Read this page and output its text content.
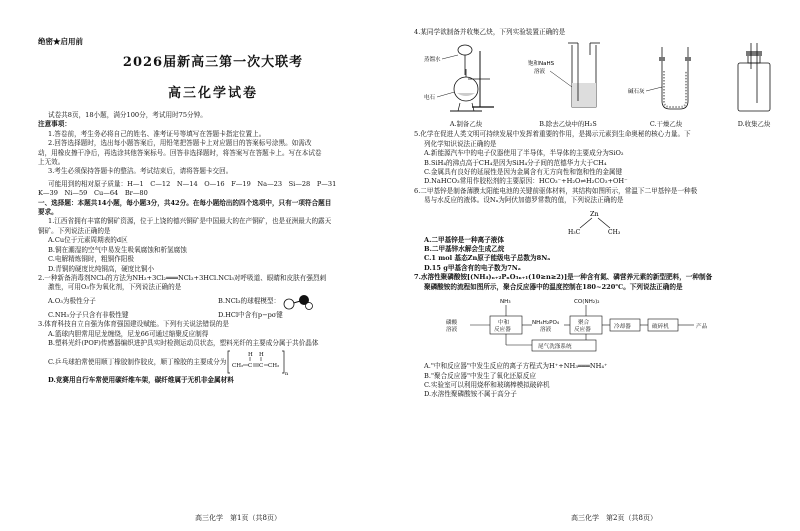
绝密★启用前
2026届新高三第一次大联考
高三化学试卷
试卷共8页，18小题，满分100分，考试用时75分钟。
注意事项：
1.答卷前，考生务必将自己的姓名、准考证号等填写在答题卡指定位置上。
2.回答选择题时，选出每小题答案后，用铅笔把答题卡上对应题目的答案标号涂黑。如需改
动，用橡皮擦干净后，再选涂其他答案标号。回答非选择题时，将答案写在答题卡上。写在本试卷
上无效。
3.考生必须保持答题卡的整洁。考试结束后，请将答题卡交回。
可能用到的相对原子质量：H—1　C—12　N—14　O—16　F—19　Na—23　Si—28　P—31
K—39　Ni—59　Cu—64　Br—80
一、选择题：本题共14小题，每小题3分，共42分。在每小题给出的四个选项中，只有一项符合题目
要求。
1.江西省拥有丰富的铜矿资源，位于上饶的德兴铜矿是中国最大的在产铜矿，也是亚洲最大的露天
铜矿。下列说法正确的是
A.Cu位于元素周期表的d区
B.铜在潮湿的空气中易发生吸氧腐蚀和析氢腐蚀
C.电解精炼铜时，粗铜作阳极
D.青铜的硬度比纯铜高，硬度比铜小
2.一种新备消毒剂NCl₃的方法为NH₃+3Cl₂═══NCl₃+3HCl.NCl₃对呼吸道、眼睛和皮肤有强烈刺
激性，可用O₃作为氧化剂，下列说法正确的是
A.O₃为极性分子	B.NCl₃的球棍模型：
C.NH₃分子只含有非极性键	D.HCl中含有p−pσ键
3.体育科技自立自强为体育强国建设赋能。下列有关说法错误的是
A.篮球内胆常用尼龙缠绕，尼龙66可通过缩聚反应制得
B.塑料光纤(POF)传感器编织进护具实时检测运动员状态，塑料光纤的主要成分属于共价晶体
C.乒乓球拍常使用顺丁橡胶制作胶皮，顺丁橡胶的主要成分为
CH₂ C C
H H
CH₂
n
D.竞赛用自行车常使用碳纤维车架，碳纤维属于无机非金属材料
高三化学　第1页（共8页）
4.某同学欲制备并收集乙炔，下列实验装置正确的是
蒸馏水
电石
A.制备乙炔
饱和NaHS
溶液
B.除去乙炔中的H₂S
碱石灰
C.干燥乙炔	D.收集乙炔
5.化学在促进人类文明可持续发展中发挥着重要的作用，是揭示元素到生命奥秘的核心力量。下
列化学知识说法正确的是
A.新能源汽车中的电子仪器使用了半导体，半导体的主要成分为SiO₂
B.SiH₄的沸点高于CH₄是因为SiH₄分子间的范德华力大于CH₄
C.金属具有良好的延展性是因为金属含有无方向性和饱和性的金属键
D.NaHCO₃常用作胶松剂的主要原因：HCO₃⁻+H₂O⇌H₂CO₃+OH⁻
6.二甲基锌是制备薄膜太阳能电池的关键前驱体材料，其结构如图所示，常温下二甲基锌是一种极
易与水反应的液体。设Nₐ为阿伏加德罗常数的值，下列说法正确的是
Zn
H₃C	CH₃
A.二甲基锌是一种离子液体
B.二甲基锌水解会生成乙烷
C.1 mol 基态Zn原子能级电子总数为8Nₐ
D.15 g甲基含有的电子数为7Nₐ
7.水溶性聚磷酸铵[(NH₄)ₙ₊₂PₙO₃ₙ₊₁(10≥n≥2)]是一种含有氮、磷营养元素的新型肥料，一种制备
聚磷酸铵的流程如图所示，聚合反应器中的温度控制在180~220℃。下列说法正确的是
NH₃	CO(NH₂)₂
磷酸
溶液
中和
反应器
NH₄H₂PO₄
溶液
聚合
反应器	冷却器	破碎机	产品
尾气洗涤系统
A."中和反应器"中发生反应的离子方程式为H⁺+NH₃═══NH₄⁺
B."聚合反应器"中发生了氧化还原反应
C.实验室可以利用烧杯和玻璃棒模拟破碎机
D.水溶性聚磷酸铵不属于高分子
高三化学　第2页（共8页）
